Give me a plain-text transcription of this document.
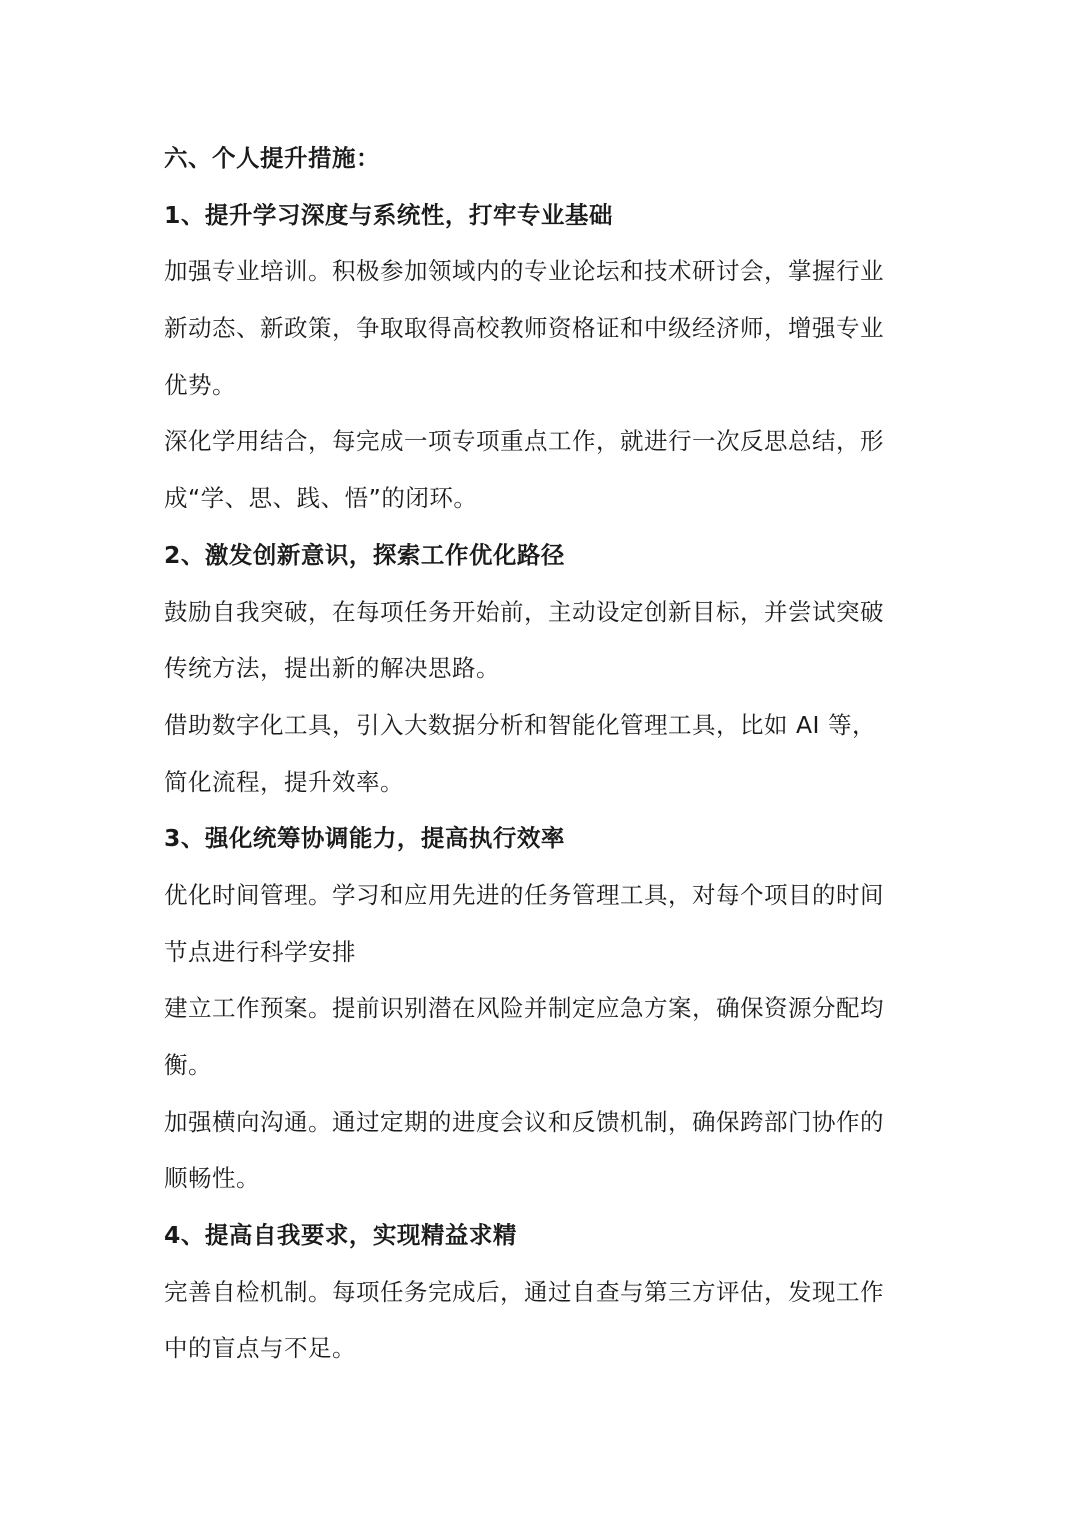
六、个人提升措施：
1、提升学习深度与系统性，打牢专业基础
加强专业培训。积极参加领域内的专业论坛和技术研讨会，掌握行业
新动态、新政策，争取取得高校教师资格证和中级经济师，增强专业
优势。
深化学用结合，每完成一项专项重点工作，就进行一次反思总结，形
成“学、思、践、悟”的闭环。
2、激发创新意识，探索工作优化路径
鼓励自我突破，在每项任务开始前，主动设定创新目标，并尝试突破
传统方法，提出新的解决思路。
借助数字化工具，引入大数据分析和智能化管理工具，比如 AI 等，
简化流程，提升效率。
3、强化统筹协调能力，提高执行效率
优化时间管理。学习和应用先进的任务管理工具，对每个项目的时间
节点进行科学安排
建立工作预案。提前识别潜在风险并制定应急方案，确保资源分配均
衡。
加强横向沟通。通过定期的进度会议和反馈机制，确保跨部门协作的
顺畅性。
4、提高自我要求，实现精益求精
完善自检机制。每项任务完成后，通过自查与第三方评估，发现工作
中的盲点与不足。
